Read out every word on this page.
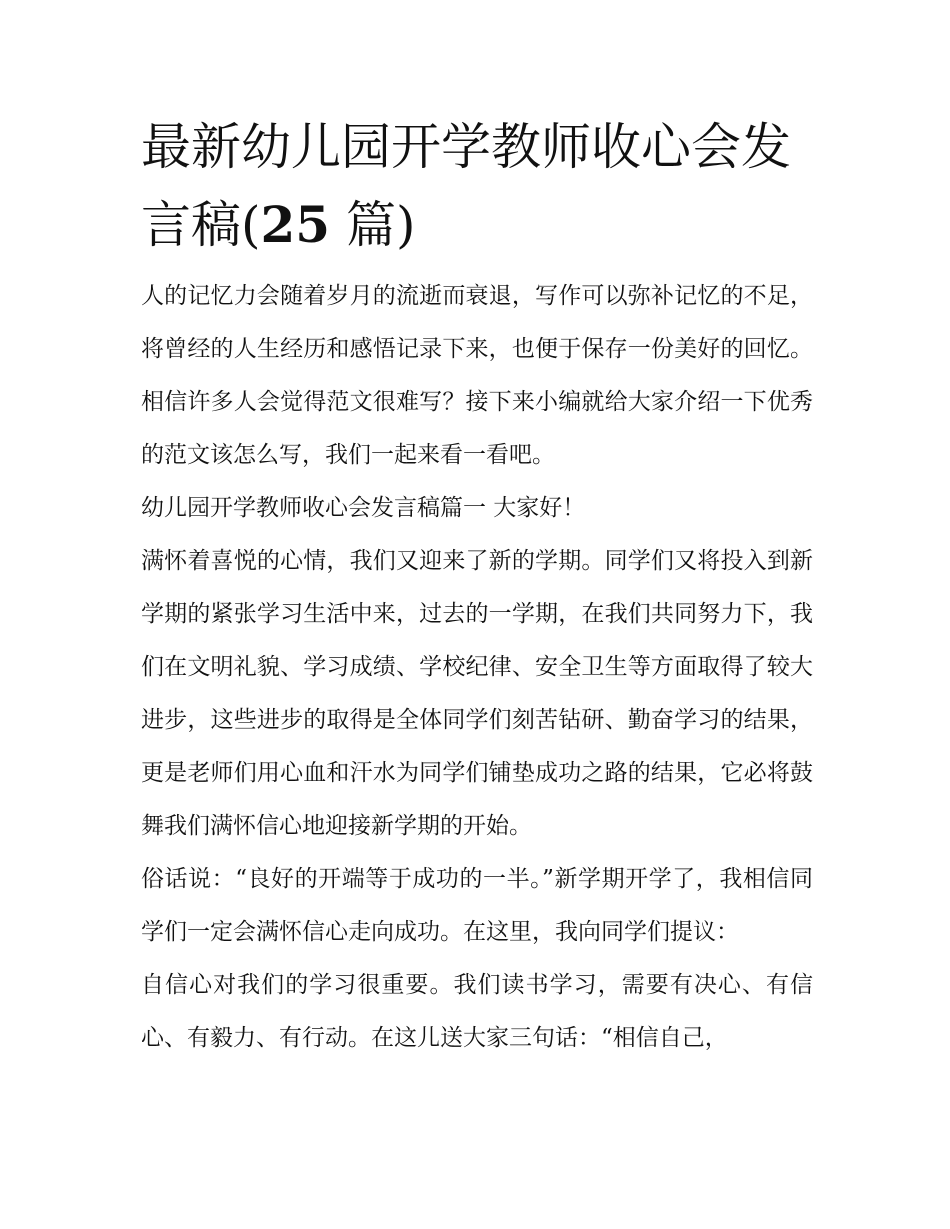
最新幼儿园开学教师收心会发言稿(25 篇)

人的记忆力会随着岁月的流逝而衰退，写作可以弥补记忆的不足，将曾经的人生经历和感悟记录下来，也便于保存一份美好的回忆。相信许多人会觉得范文很难写？接下来小编就给大家介绍一下优秀的范文该怎么写，我们一起来看一看吧。

幼儿园开学教师收心会发言稿篇一 大家好！

满怀着喜悦的心情，我们又迎来了新的学期。同学们又将投入到新学期的紧张学习生活中来，过去的一学期，在我们共同努力下，我们在文明礼貌、学习成绩、学校纪律、安全卫生等方面取得了较大进步，这些进步的取得是全体同学们刻苦钻研、勤奋学习的结果，更是老师们用心血和汗水为同学们铺垫成功之路的结果，它必将鼓舞我们满怀信心地迎接新学期的开始。

俗话说：“良好的开端等于成功的一半。”新学期开学了，我相信同学们一定会满怀信心走向成功。在这里，我向同学们提议：

自信心对我们的学习很重要。我们读书学习，需要有决心、有信心、有毅力、有行动。在这儿送大家三句话：“相信自己，
